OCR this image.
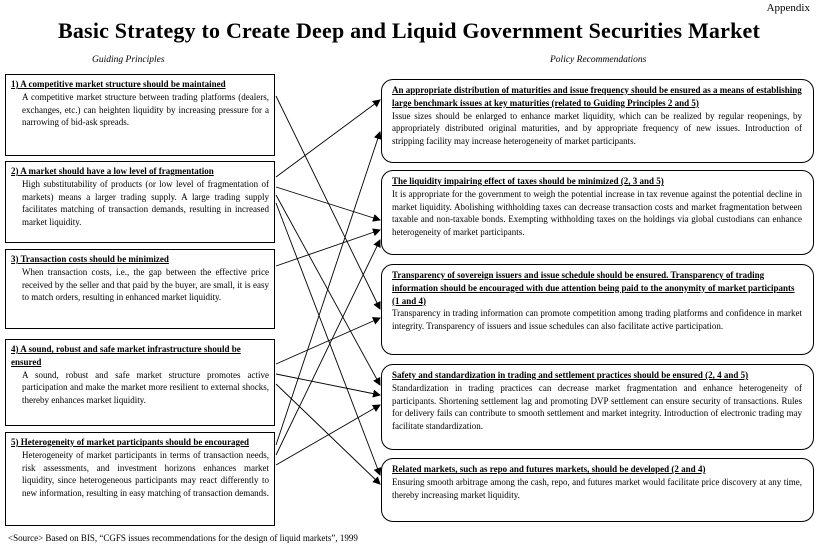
Appendix
Basic Strategy to Create Deep and Liquid Government Securities Market
Guiding Principles	Policy Recommendations
1) A competitive market structure should be maintained
A competitive market structure between trading platforms (dealers, exchanges, etc.) can heighten liquidity by increasing pressure for a narrowing of bid-ask spreads.
2) A market should have a low level of fragmentation
High substitutability of products (or low level of fragmentation of markets) means a larger trading supply. A large trading supply facilitates matching of transaction demands, resulting in increased market liquidity.
3) Transaction costs should be minimized
When transaction costs, i.e., the gap between the effective price received by the seller and that paid by the buyer, are small, it is easy to match orders, resulting in enhanced market liquidity.
4) A sound, robust and safe market infrastructure should be ensured
A sound, robust and safe market structure promotes active participation and make the market more resilient to external shocks, thereby enhances market liquidity.
5) Heterogeneity of market participants should be encouraged
Heterogeneity of market participants in terms of transaction needs, risk assessments, and investment horizons enhances market liquidity, since heterogeneous participants may react differently to new information, resulting in easy matching of transaction demands.
An appropriate distribution of maturities and issue frequency should be ensured as a means of establishing large benchmark issues at key maturities (related to Guiding Principles 2 and 5)
Issue sizes should be enlarged to enhance market liquidity, which can be realized by regular reopenings, by appropriately distributed original maturities, and by appropriate frequency of new issues. Introduction of stripping facility may increase heterogeneity of market participants.
The liquidity impairing effect of taxes should be minimized (2, 3 and 5)
It is appropriate for the government to weigh the potential increase in tax revenue against the potential decline in market liquidity. Abolishing withholding taxes can decrease transaction costs and market fragmentation between taxable and non-taxable bonds. Exempting withholding taxes on the holdings via global custodians can enhance heterogeneity of market participants.
Transparency of sovereign issuers and issue schedule should be ensured. Transparency of trading information should be encouraged with due attention being paid to the anonymity of market participants (1 and 4)
Transparency in trading information can promote competition among trading platforms and confidence in market integrity. Transparency of issuers and issue schedules can also facilitate active participation.
Safety and standardization in trading and settlement practices should be ensured (2, 4 and 5)
Standardization in trading practices can decrease market fragmentation and enhance heterogeneity of participants. Shortening settlement lag and promoting DVP settlement can ensure security of transactions. Rules for delivery fails can contribute to smooth settlement and market integrity. Introduction of electronic trading may facilitate standardization.
Related markets, such as repo and futures markets, should be developed (2 and 4)
Ensuring smooth arbitrage among the cash, repo, and futures market would facilitate price discovery at any time, thereby increasing market liquidity.
<Source> Based on BIS, “CGFS issues recommendations for the design of liquid markets”, 1999
